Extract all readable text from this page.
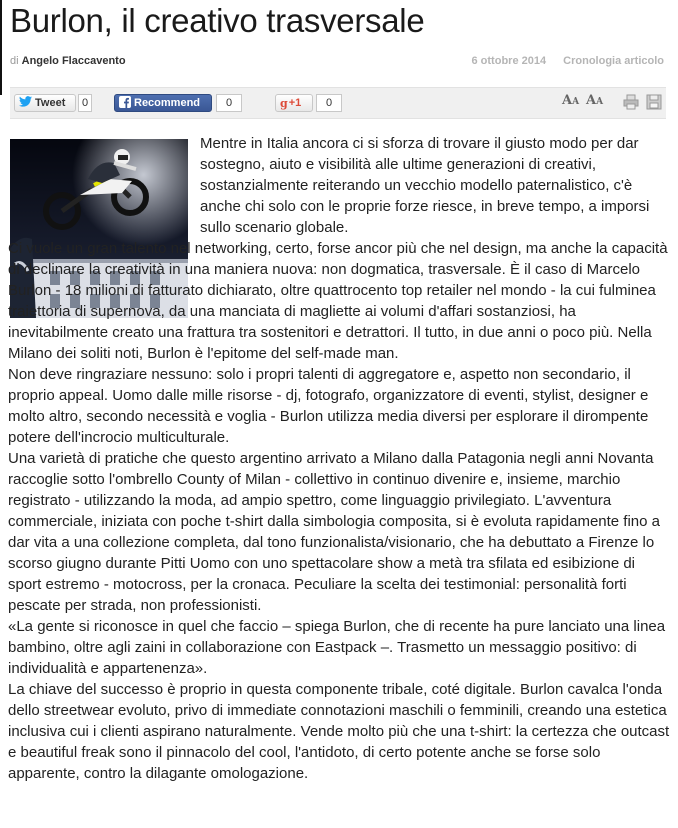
Burlon, il creativo trasversale
di Angelo Flaccavento	6 ottobre 2014 Cronologia articolo
Tweet	0	Recommend	0	g +1	0	AA AA

Mentre in Italia ancora ci si sforza di trovare il giusto modo per dar sostegno, aiuto e visibilità alle ultime generazioni di creativi, sostanzialmente reiterando un vecchio modello paternalistico, c'è anche chi solo con le proprie forze riesce, in breve tempo, a imporsi sullo scenario globale.

Ci vuole un gran talento nel networking, certo, forse ancor più che nel design, ma anche la capacità di declinare la creatività in una maniera nuova: non dogmatica, trasversale. È il caso di Marcelo Burlon - 18 milioni di fatturato dichiarato, oltre quattrocento top retailer nel mondo - la cui fulminea traiettoria di supernova, da una manciata di magliette ai volumi d'affari sostanziosi, ha inevitabilmente creato una frattura tra sostenitori e detrattori. Il tutto, in due anni o poco più. Nella Milano dei soliti noti, Burlon è l'epitome del self-made man.

Non deve ringraziare nessuno: solo i propri talenti di aggregatore e, aspetto non secondario, il proprio appeal. Uomo dalle mille risorse - dj, fotografo, organizzatore di eventi, stylist, designer e molto altro, secondo necessità e voglia - Burlon utilizza media diversi per esplorare il dirompente potere dell'incrocio multiculturale.

Una varietà di pratiche che questo argentino arrivato a Milano dalla Patagonia negli anni Novanta raccoglie sotto l'ombrello County of Milan - collettivo in continuo divenire e, insieme, marchio registrato - utilizzando la moda, ad ampio spettro, come linguaggio privilegiato. L'avventura commerciale, iniziata con poche t-shirt dalla simbologia composita, si è evoluta rapidamente fino a dar vita a una collezione completa, dal tono funzionalista/visionario, che ha debuttato a Firenze lo scorso giugno durante Pitti Uomo con uno spettacolare show a metà tra sfilata ed esibizione di sport estremo - motocross, per la cronaca. Peculiare la scelta dei testimonial: personalità forti pescate per strada, non professionisti.

«La gente si riconosce in quel che faccio – spiega Burlon, che di recente ha pure lanciato una linea bambino, oltre agli zaini in collaborazione con Eastpack –. Trasmetto un messaggio positivo: di individualità e appartenenza».

La chiave del successo è proprio in questa componente tribale, coté digitale. Burlon cavalca l'onda dello streetwear evoluto, privo di immediate connotazioni maschili o femminili, creando una estetica inclusiva cui i clienti aspirano naturalmente. Vende molto più che una t-shirt: la certezza che outcast e beautiful freak sono il pinnacolo del cool, l'antidoto, di certo potente anche se forse solo apparente, contro la dilagante omologazione.
